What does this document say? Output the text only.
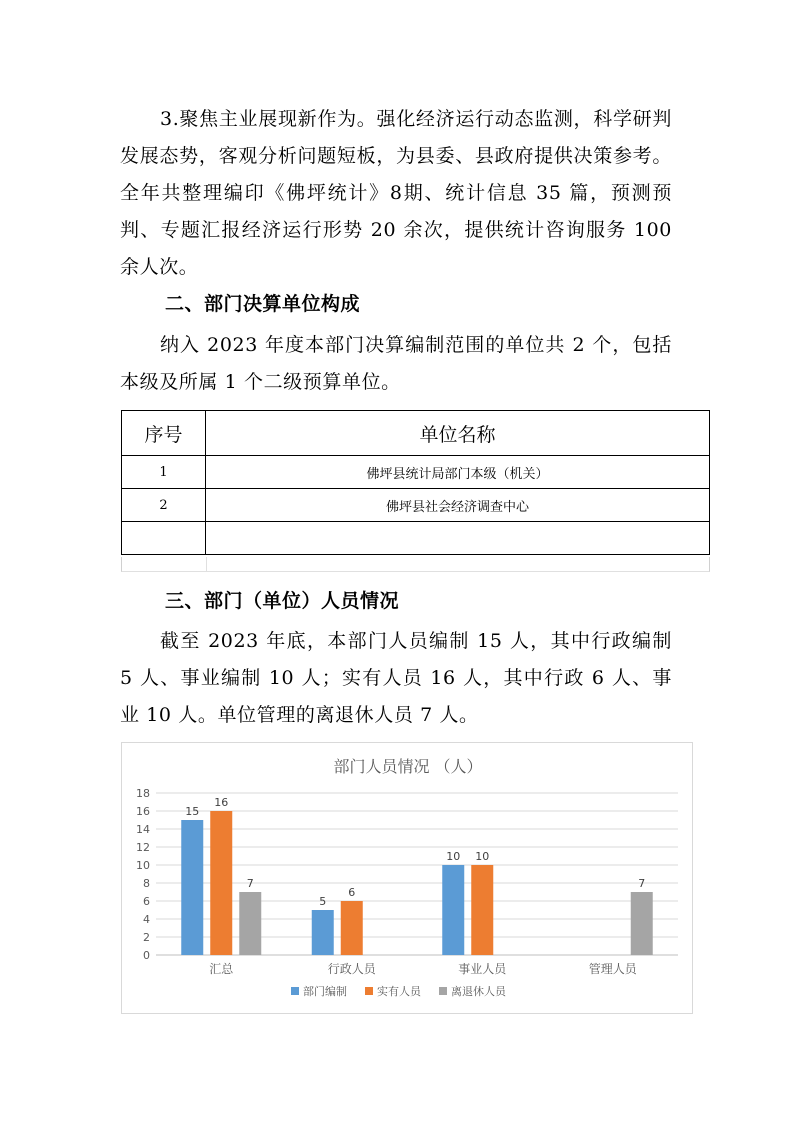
3.聚焦主业展现新作为。强化经济运行动态监测，科学研判发展态势，客观分析问题短板，为县委、县政府提供决策参考。全年共整理编印《佛坪统计》8期、统计信息 35 篇，预测预判、专题汇报经济运行形势 20 余次，提供统计咨询服务 100 余人次。

二、部门决算单位构成

纳入 2023 年度本部门决算编制范围的单位共 2 个，包括本级及所属 1 个二级预算单位。

序号	单位名称
1	佛坪县统计局部门本级（机关）
2	佛坪县社会经济调查中心

三、部门（单位）人员情况

截至 2023 年底，本部门人员编制 15 人，其中行政编制 5 人、事业编制 10 人；实有人员 16 人，其中行政 6 人、事业 10 人。单位管理的离退休人员 7 人。

部门人员情况 （人）
0
2
4
6
8
10
12
14
16
18
15
16
7
汇总
5
6
行政人员
10 10
事业人员
7
管理人员
部门编制	实有人员	离退休人员
